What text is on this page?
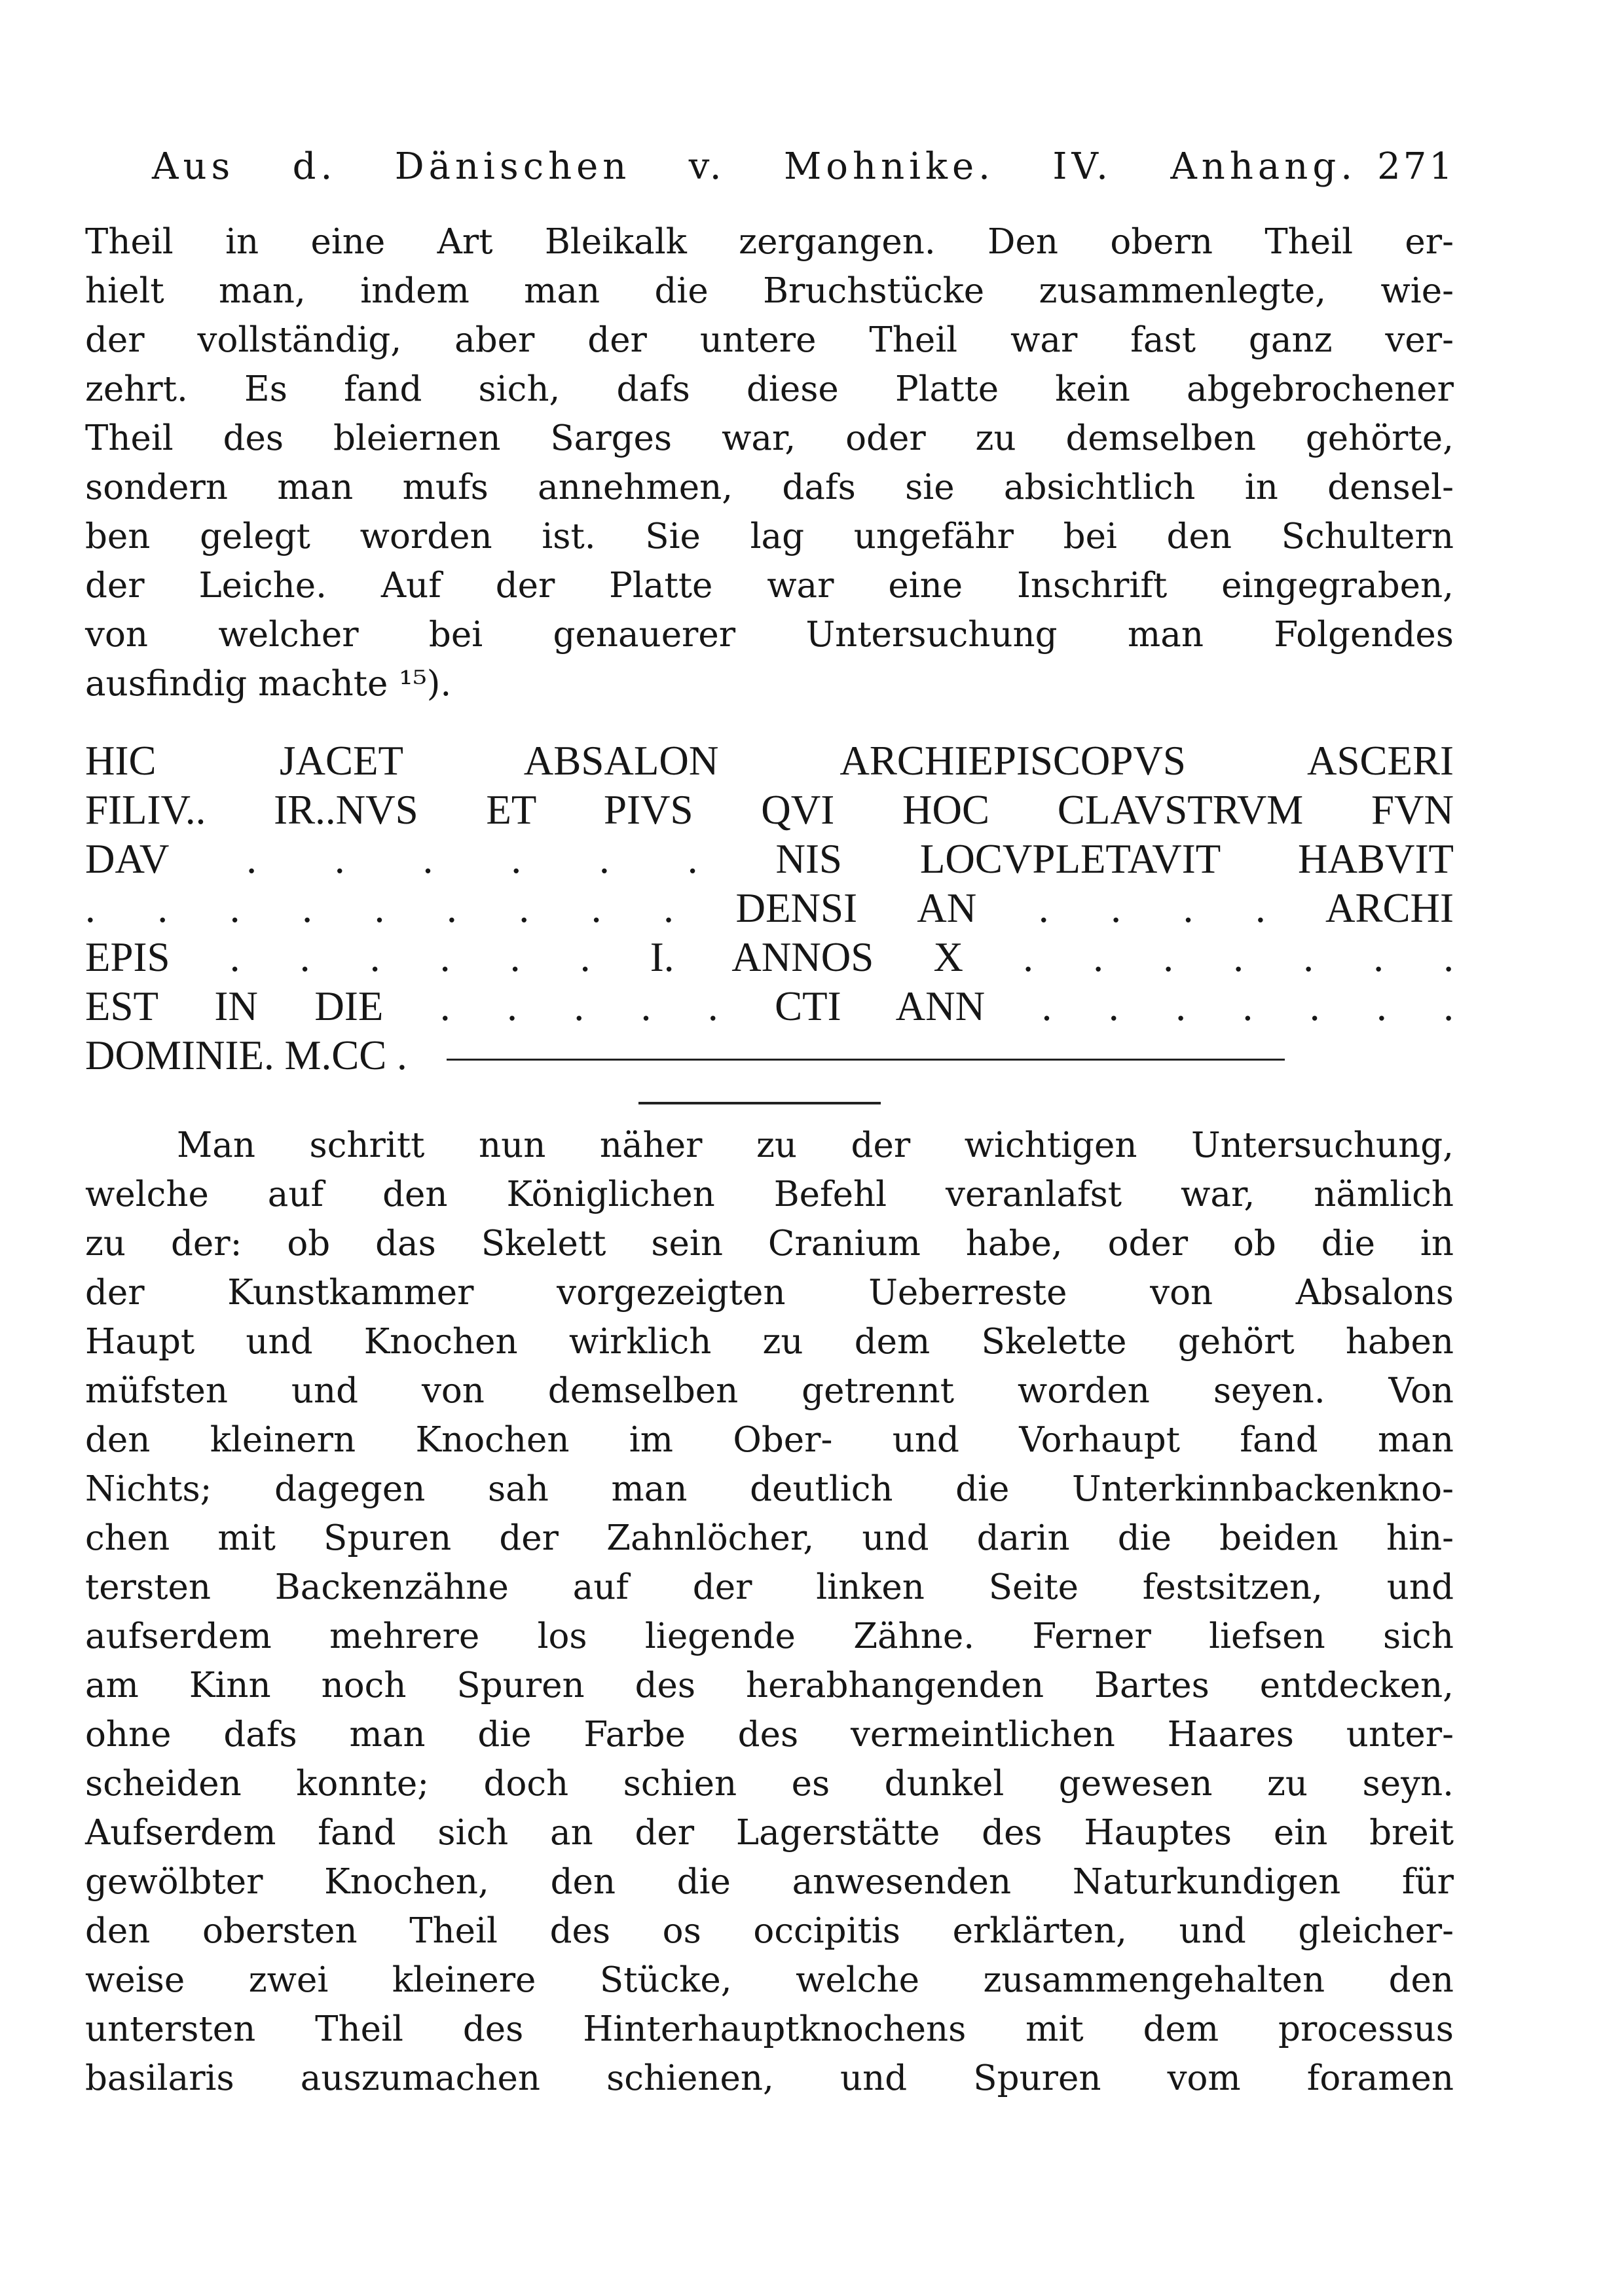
Aus d. Dänischen v. Mohnike. IV. Anhang. 271
Theil in eine Art Bleikalk zergangen. Den obern Theil er-
hielt man, indem man die Bruchstücke zusammenlegte, wie-
der vollständig, aber der untere Theil war fast ganz ver-
zehrt. Es fand sich, dafs diese Platte kein abgebrochener
Theil des bleiernen Sarges war, oder zu demselben gehörte,
sondern man mufs annehmen, dafs sie absichtlich in densel-
ben gelegt worden ist. Sie lag ungefähr bei den Schultern
der Leiche. Auf der Platte war eine Inschrift eingegraben,
von welcher bei genauerer Untersuchung man Folgendes
ausfindig machte ¹⁵).
HIC JACET ABSALON ARCHIEPISCOPVS ASCERI
FILIV.. IR..NVS ET PIVS QVI HOC CLAVSTRVM FVN
DAV . . . . . . NIS LOCVPLETAVIT HABVIT
. . . . . . . . . DENSI AN . . . . ARCHI
EPIS . . . . . . I. ANNOS X . . . . . . .
EST IN DIE . . . . . CTI ANN . . . . . . .
DOMINIE. M.CC .
Man schritt nun näher zu der wichtigen Untersuchung,
welche auf den Königlichen Befehl veranlafst war, nämlich
zu der: ob das Skelett sein Cranium habe, oder ob die in
der Kunstkammer vorgezeigten Ueberreste von Absalons
Haupt und Knochen wirklich zu dem Skelette gehört haben
müfsten und von demselben getrennt worden seyen. Von
den kleinern Knochen im Ober- und Vorhaupt fand man
Nichts; dagegen sah man deutlich die Unterkinnbackenkno-
chen mit Spuren der Zahnlöcher, und darin die beiden hin-
tersten Backenzähne auf der linken Seite festsitzen, und
aufserdem mehrere los liegende Zähne. Ferner liefsen sich
am Kinn noch Spuren des herabhangenden Bartes entdecken,
ohne dafs man die Farbe des vermeintlichen Haares unter-
scheiden konnte; doch schien es dunkel gewesen zu seyn.
Aufserdem fand sich an der Lagerstätte des Hauptes ein breit
gewölbter Knochen, den die anwesenden Naturkundigen für
den obersten Theil des os occipitis erklärten, und gleicher-
weise zwei kleinere Stücke, welche zusammengehalten den
untersten Theil des Hinterhauptknochens mit dem processus
basilaris auszumachen schienen, und Spuren vom foramen
